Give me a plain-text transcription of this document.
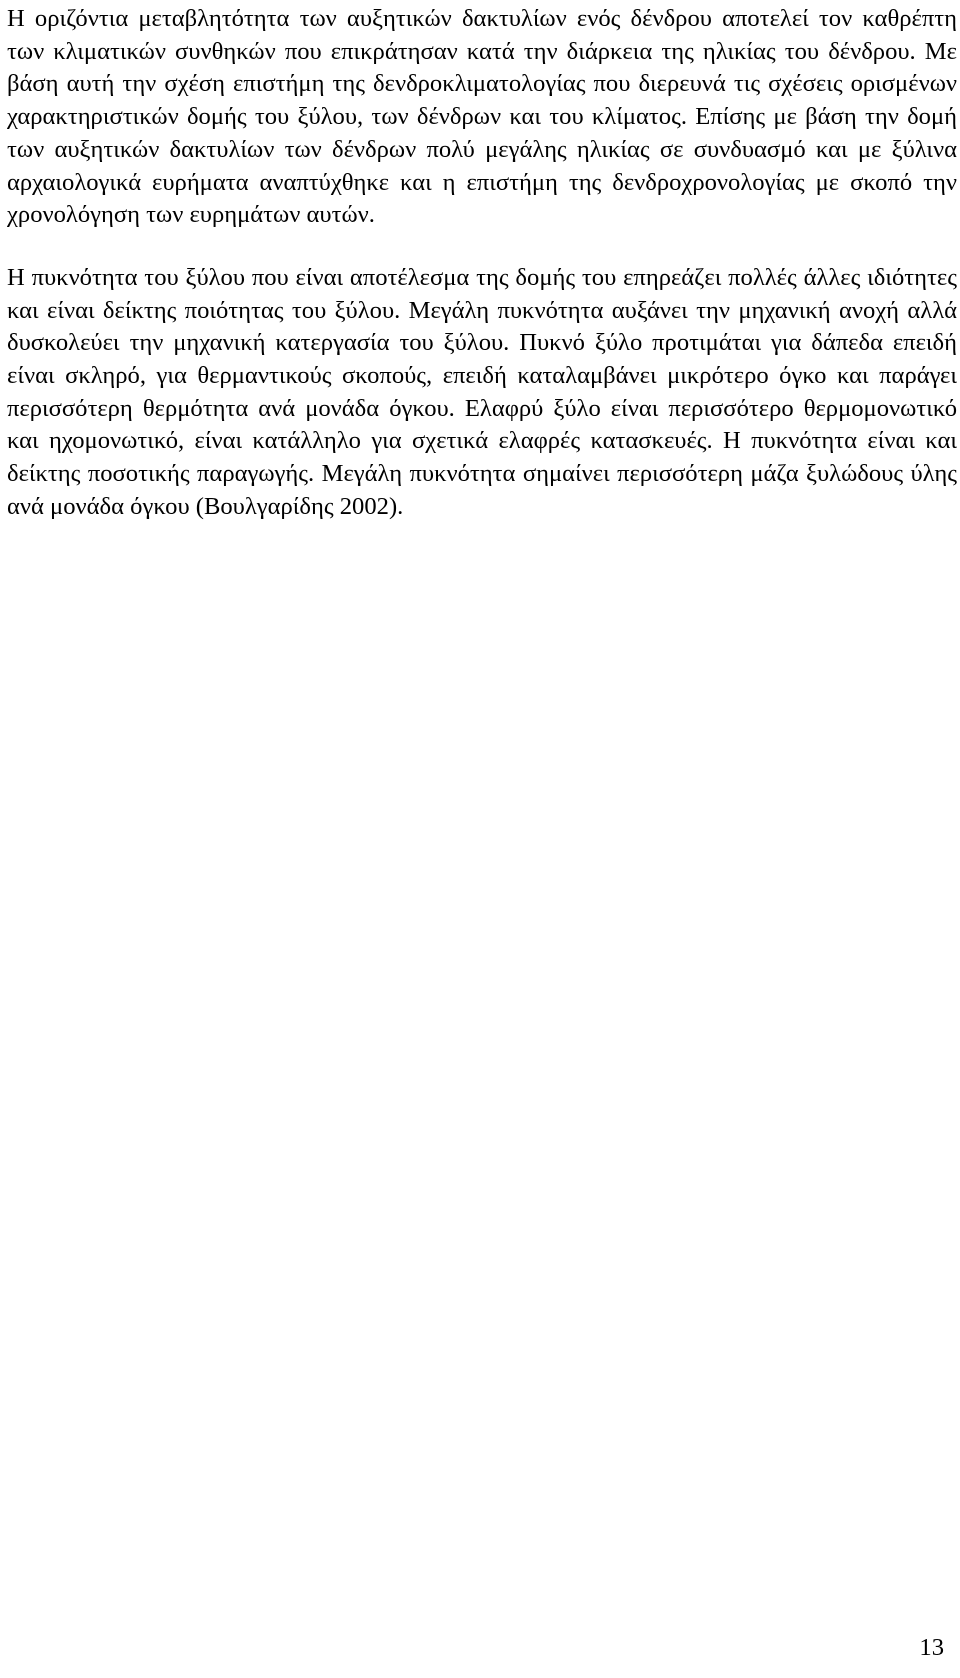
Η οριζόντια μεταβλητότητα των αυξητικών δακτυλίων ενός δένδρου αποτελεί τον καθρέπτη των κλιματικών συνθηκών που επικράτησαν κατά την διάρκεια της ηλικίας του δένδρου. Με βάση αυτή την σχέση επιστήμη της δενδροκλιματολογίας που διερευνά τις σχέσεις ορισμένων χαρακτηριστικών δομής του ξύλου, των δένδρων και του κλίματος. Επίσης με βάση την δομή των αυξητικών δακτυλίων των δένδρων πολύ μεγάλης ηλικίας σε συνδυασμό και με ξύλινα αρχαιολογικά ευρήματα αναπτύχθηκε και η επιστήμη της δενδροχρονολογίας με σκοπό την χρονολόγηση των ευρημάτων αυτών.

Η πυκνότητα του ξύλου που είναι αποτέλεσμα της δομής του επηρεάζει πολλές άλλες ιδιότητες και είναι δείκτης ποιότητας του ξύλου. Μεγάλη πυκνότητα αυξάνει την μηχανική ανοχή αλλά δυσκολεύει την μηχανική κατεργασία του ξύλου. Πυκνό ξύλο προτιμάται για δάπεδα επειδή είναι σκληρό, για θερμαντικούς σκοπούς, επειδή καταλαμβάνει μικρότερο όγκο και παράγει περισσότερη θερμότητα ανά μονάδα όγκου. Ελαφρύ ξύλο είναι περισσότερο θερμομονωτικό και ηχομονωτικό, είναι κατάλληλο για σχετικά ελαφρές κατασκευές. Η πυκνότητα είναι και δείκτης ποσοτικής παραγωγής. Μεγάλη πυκνότητα σημαίνει περισσότερη μάζα ξυλώδους ύλης ανά μονάδα όγκου (Βουλγαρίδης 2002).

13
